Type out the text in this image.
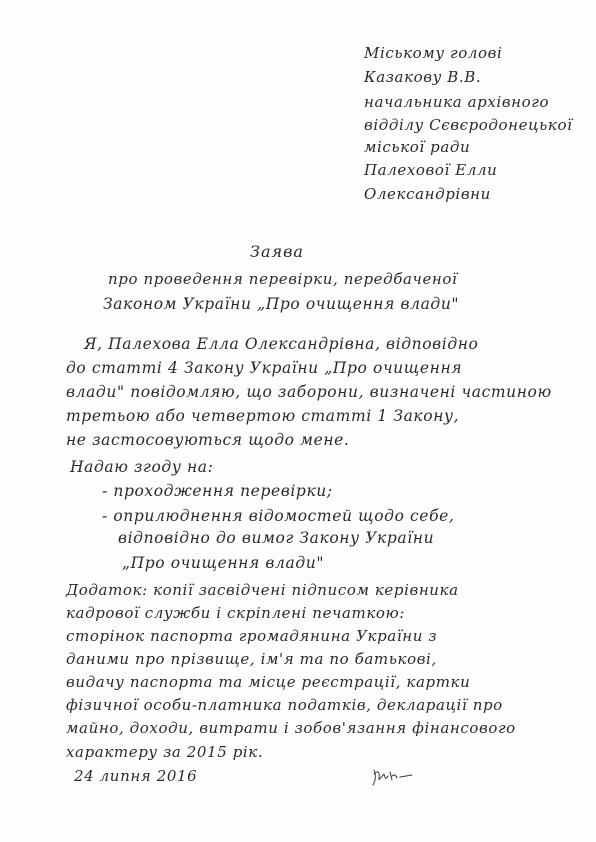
Міському голові
Казакову В.В.
начальника архівного
відділу Сєвєродонецької
міської ради
Палехової Елли
Олександрівни
Заява
про проведення перевірки, передбаченої
Законом України „Про очищення влади"
Я, Палехова Елла Олександрівна, відповідно
до статті 4 Закону України „Про очищення
влади" повідомляю, що заборони, визначені частиною
третьою або четвертою статті 1 Закону,
не застосовуються щодо мене.
Надаю згоду на:
- проходження перевірки;
- оприлюднення відомостей щодо себе,
відповідно до вимог Закону України
„Про очищення влади"
Додаток: копії засвідчені підписом керівника
кадрової служби і скріплені печаткою:
сторінок паспорта громадянина України з
даними про прізвище, ім'я та по батькові,
видачу паспорта та місце реєстрації, картки
фізичної особи-платника податків, декларації про
майно, доходи, витрати і зобов'язання фінансового
характеру за 2015 рік.
24 липня 2016
